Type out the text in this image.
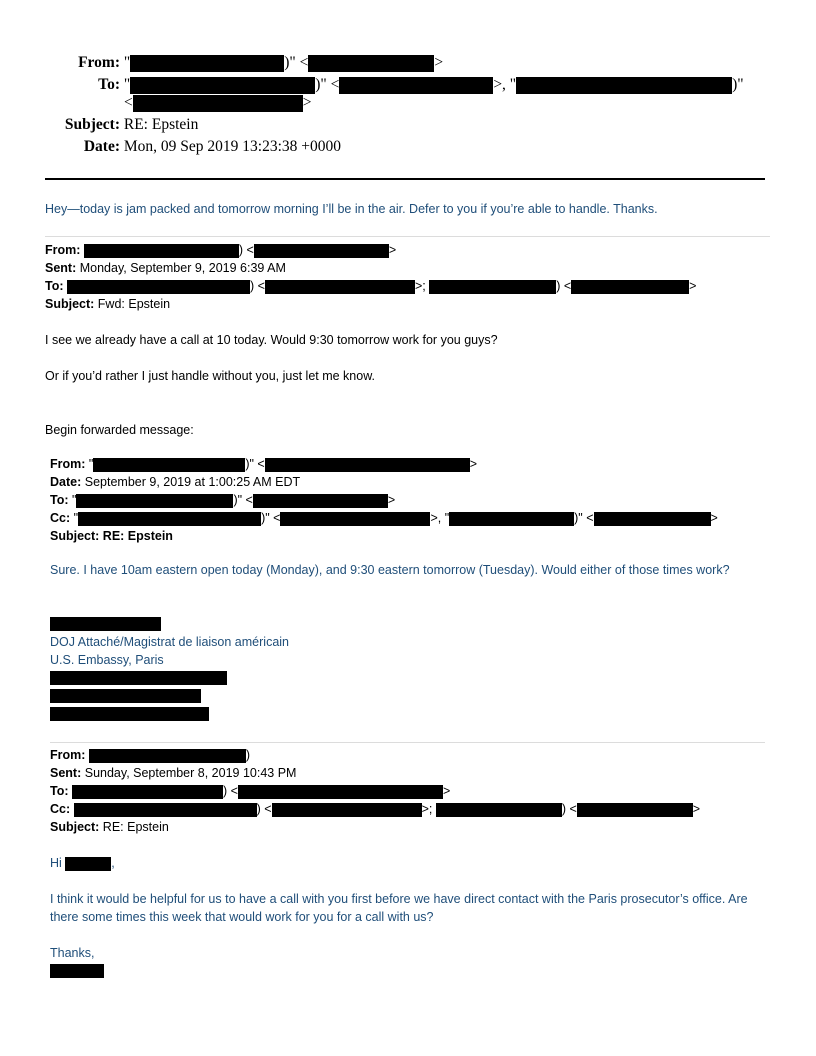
From: "	)" <	>
To: "	)" <	>, "	)"
<	>
Subject: RE: Epstein
Date: Mon, 09 Sep 2019 13:23:38 +0000
Hey—today is jam packed and tomorrow morning I’ll be in the air. Defer to you if you’re able to handle. Thanks.
From:	) <	>
Sent: Monday, September 9, 2019 6:39 AM
To:	) <	>;	) <	>
Subject: Fwd: Epstein
I see we already have a call at 10 today. Would 9:30 tomorrow work for you guys?
Or if you’d rather I just handle without you, just let me know.
Begin forwarded message:
From: "	)" <	>
Date: September 9, 2019 at 1:00:25 AM EDT
To: "	)" <	>
Cc: "	)" <	>, "	)" <	>
Subject: RE: Epstein
Sure. I have 10am eastern open today (Monday), and 9:30 eastern tomorrow (Tuesday). Would either of those times work?
DOJ Attaché/Magistrat de liaison américain
U.S. Embassy, Paris
From:	)
Sent: Sunday, September 8, 2019 10:43 PM
To:	) <	>
Cc:	) <	>;	) <	>
Subject: RE: Epstein
Hi	,
I think it would be helpful for us to have a call with you first before we have direct contact with the Paris prosecutor’s office. Are there some times this week that would work for you for a call with us?
Thanks,
